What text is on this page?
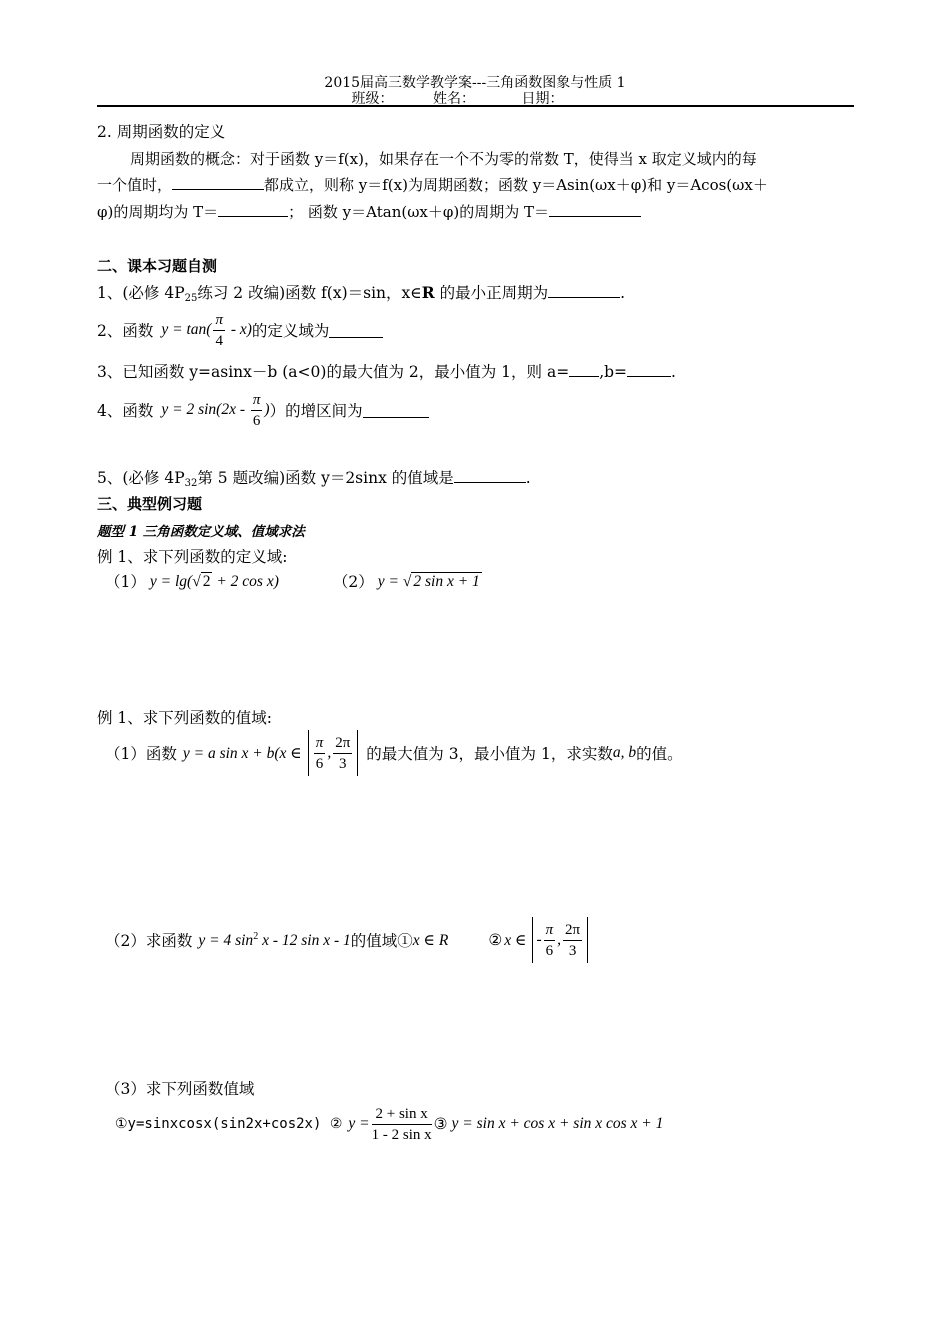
2015届高三数学教学案---三角函数图象与性质 1
班级：_____ 姓名：______ 日期：_____
2. 周期函数的定义
周期函数的概念：对于函数 y＝f(x)，如果存在一个不为零的常数 T，使得当 x 取定义域内的每
一个值时，	都成立，则称 y＝f(x)为周期函数；函数 y＝Asin(ωx＋φ)和 y＝Acos(ωx＋
φ)的周期均为 T＝	； 函数 y＝Atan(ωx＋φ)的周期为 T＝
二、课本习题自测
1、(必修 $4P_{25}$练习 2 改编)函数 f(x)＝sin，x∈R 的最小正周期为	.
2、函数 $y = \tan( \frac{\pi}{4} - x)$ 的定义域为
3、已知函数 y=asinx－b (a<0)的最大值为 2，最小值为 1，则 a= ,b=	.
4、函数 y = 2 $\sin(2x - \frac{\pi}{6}$ ) ）的增区间为
5、(必修 $4P_{32}$第 5 题改编)函数 y＝2sinx 的值域是	.
三、典型例习题
题型 1 三角函数定义域、值域求法
例 1、求下列函数的定义域:
（1） y = lg(√ 2 + 2 cos x)	（2） y = √ 2 sin x + 1
例 1、求下列函数的值域:
（1）函数 y = a sin x + b(x ∈ $\frac{\pi}{6}$ , $\frac{2\pi}{3}$ 的最大值为 3，最小值为 1，求实数 a, b 的值。
（2）求函数 y = 4 $\sin^2 x - 12$ sin x - 1 的值域① x ∈ R	② x ∈ - $\frac{\pi}{6}$ , $\frac{2\pi}{3}$
（3）求下列函数值域
①y=sinxcosx(sin2x+cos2x) ② $y = \frac{\text{2 + sin x}}{\text{1 - 2 sin x}}$ ③ y = sin x + cos x + sin x cos x + 1
